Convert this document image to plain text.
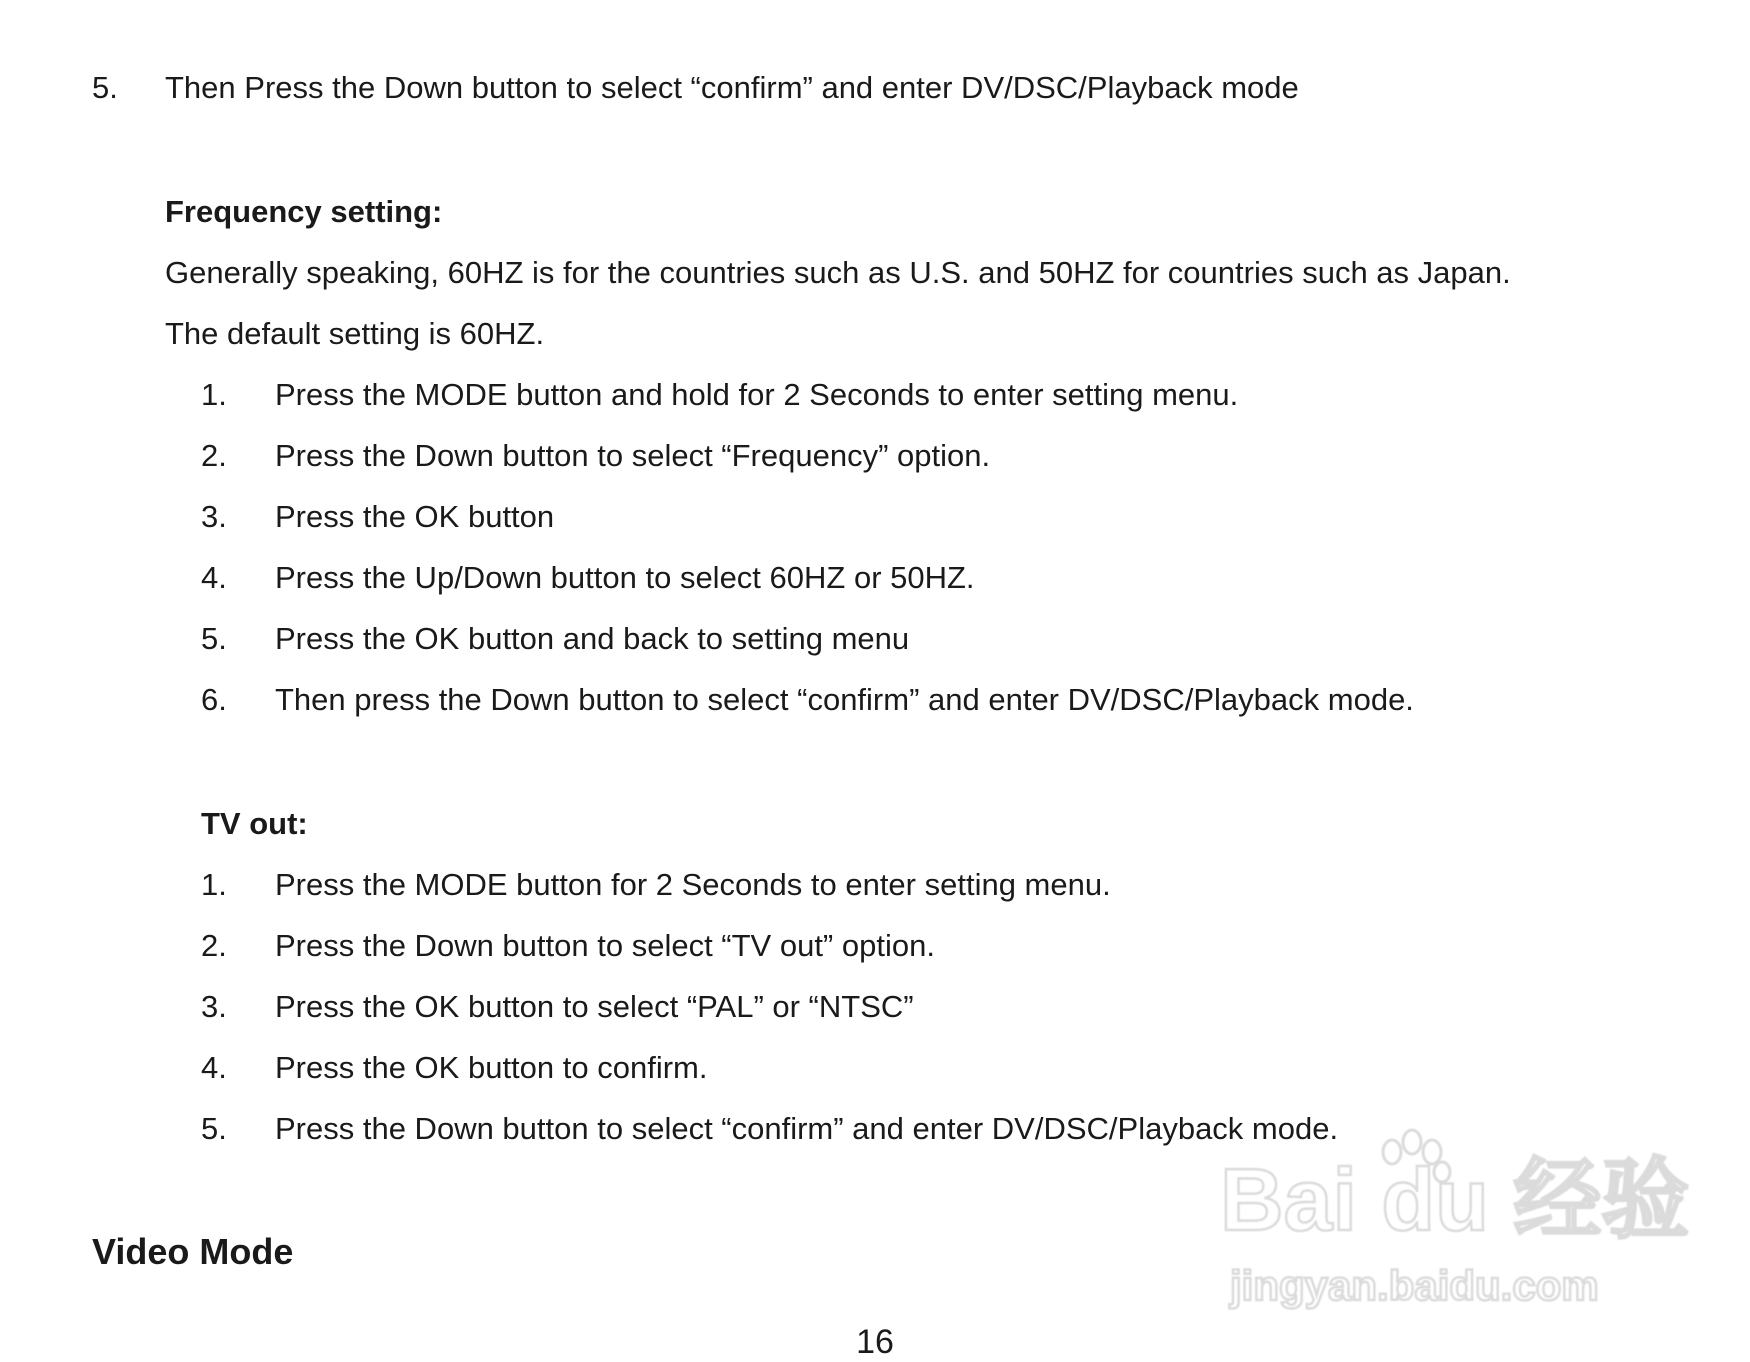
5. Then Press the Down button to select “confirm” and enter DV/DSC/Playback mode
Frequency setting:
Generally speaking, 60HZ is for the countries such as U.S. and 50HZ for countries such as Japan.
The default setting is 60HZ.
1. Press the MODE button and hold for 2 Seconds to enter setting menu.
2. Press the Down button to select “Frequency” option.
3. Press the OK button
4. Press the Up/Down button to select 60HZ or 50HZ.
5. Press the OK button and back to setting menu
6. Then press the Down button to select “confirm” and enter DV/DSC/Playback mode.
TV out:
1. Press the MODE button for 2 Seconds to enter setting menu.
2. Press the Down button to select “TV out” option.
3. Press the OK button to select “PAL” or “NTSC”
4. Press the OK button to confirm.
5. Press the Down button to select “confirm” and enter DV/DSC/Playback mode.
Video Mode
16
Bai du 经验
jingyan.baidu.com
